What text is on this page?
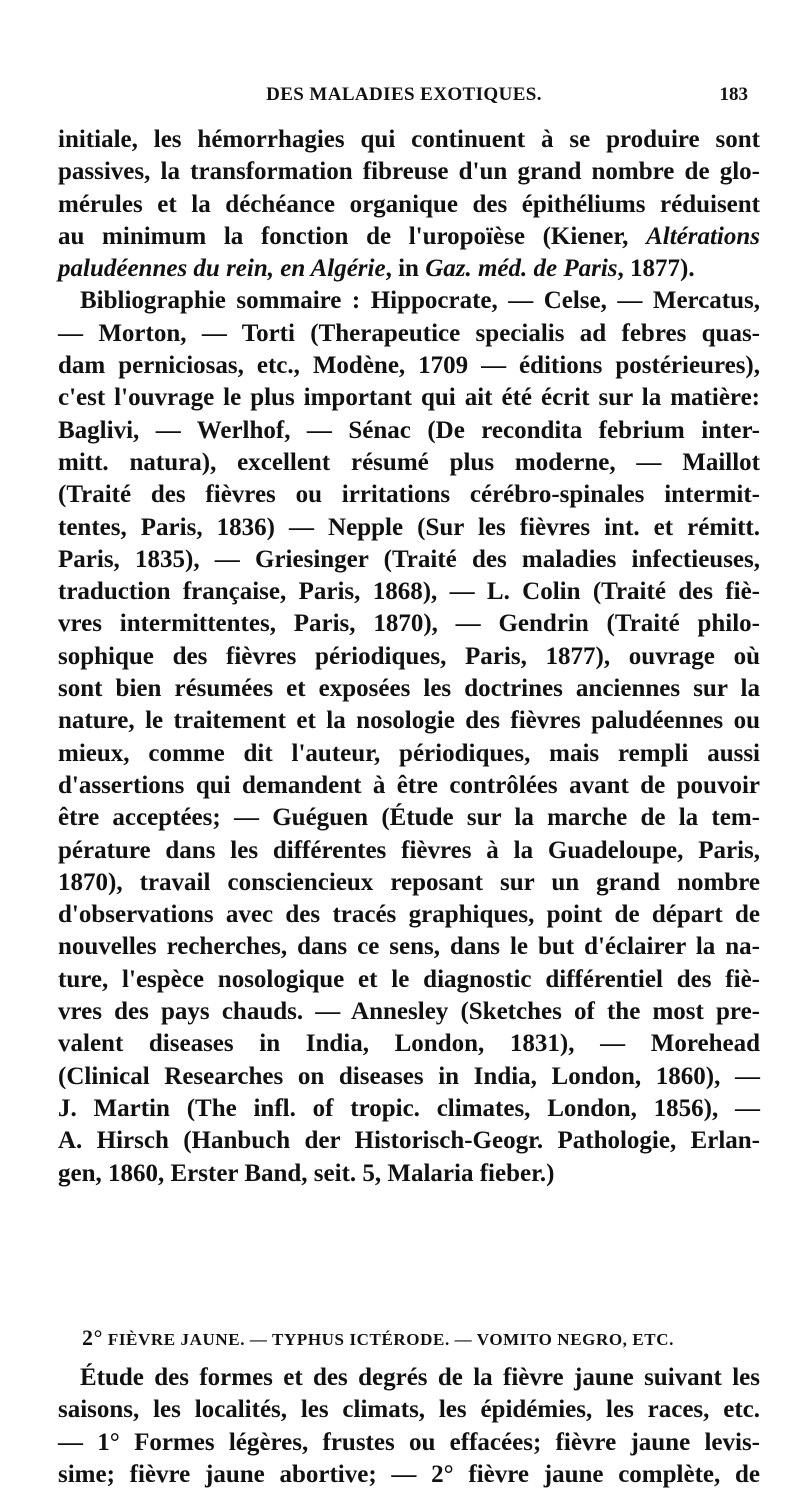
DES MALADIES EXOTIQUES.	183
initiale, les hémorrhagies qui continuent à se produire sont
passives, la transformation fibreuse d'un grand nombre de glo-
mérules et la déchéance organique des épithéliums réduisent
au minimum la fonction de l'uropoïèse (Kiener, Altérations
paludéennes du rein, en Algérie, in Gaz. méd. de Paris, 1877).
Bibliographie sommaire : Hippocrate, — Celse, — Mercatus,
— Morton, — Torti (Therapeutice specialis ad febres quas-
dam perniciosas, etc., Modène, 1709 — éditions postérieures),
c'est l'ouvrage le plus important qui ait été écrit sur la matière:
Baglivi, — Werlhof, — Sénac (De recondita febrium inter-
mitt. natura), excellent résumé plus moderne, — Maillot
(Traité des fièvres ou irritations cérébro-spinales intermit-
tentes, Paris, 1836) — Nepple (Sur les fièvres int. et rémitt.
Paris, 1835), — Griesinger (Traité des maladies infectieuses,
traduction française, Paris, 1868), — L. Colin (Traité des fiè-
vres intermittentes, Paris, 1870), — Gendrin (Traité philo-
sophique des fièvres périodiques, Paris, 1877), ouvrage où
sont bien résumées et exposées les doctrines anciennes sur la
nature, le traitement et la nosologie des fièvres paludéennes ou
mieux, comme dit l'auteur, périodiques, mais rempli aussi
d'assertions qui demandent à être contrôlées avant de pouvoir
être acceptées; — Guéguen (Étude sur la marche de la tem-
pérature dans les différentes fièvres à la Guadeloupe, Paris,
1870), travail consciencieux reposant sur un grand nombre
d'observations avec des tracés graphiques, point de départ de
nouvelles recherches, dans ce sens, dans le but d'éclairer la na-
ture, l'espèce nosologique et le diagnostic différentiel des fiè-
vres des pays chauds. — Annesley (Sketches of the most pre-
valent diseases in India, London, 1831), — Morehead
(Clinical Researches on diseases in India, London, 1860), —
J. Martin (The infl. of tropic. climates, London, 1856), —
A. Hirsch (Hanbuch der Historisch-Geogr. Pathologie, Erlan-
gen, 1860, Erster Band, seit. 5, Malaria fieber.)
2° FIÈVRE JAUNE. — TYPHUS ICTÉRODE. — VOMITO NEGRO, ETC.
Étude des formes et des degrés de la fièvre jaune suivant les
saisons, les localités, les climats, les épidémies, les races, etc.
— 1° Formes légères, frustes ou effacées; fièvre jaune levis-
sime; fièvre jaune abortive; — 2° fièvre jaune complète, de
